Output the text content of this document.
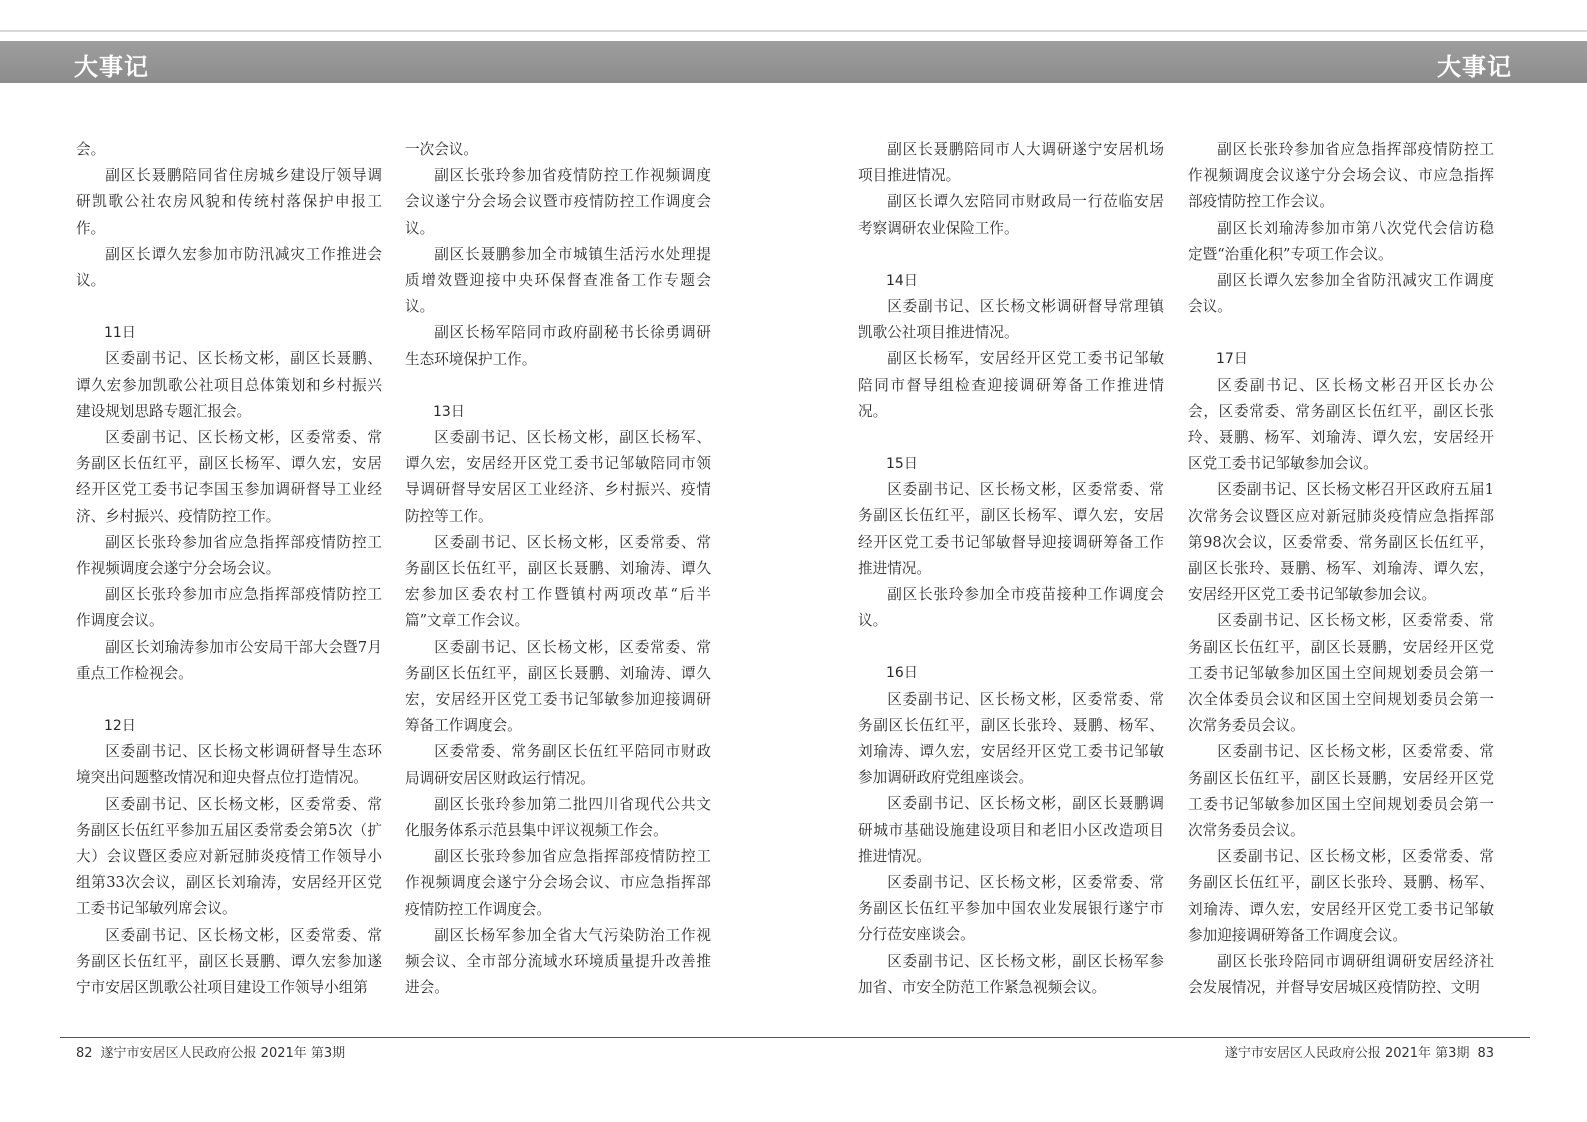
大事记	大事记

会。

副区长聂鹏陪同省住房城乡建设厅领导调研凯歌公社农房风貌和传统村落保护申报工作。

副区长谭久宏参加市防汛减灾工作推进会议。

11日

区委副书记、区长杨文彬，副区长聂鹏、谭久宏参加凯歌公社项目总体策划和乡村振兴建设规划思路专题汇报会。

区委副书记、区长杨文彬，区委常委、常务副区长伍红平，副区长杨军、谭久宏，安居经开区党工委书记李国玉参加调研督导工业经济、乡村振兴、疫情防控工作。

副区长张玲参加省应急指挥部疫情防控工作视频调度会遂宁分会场会议。

副区长张玲参加市应急指挥部疫情防控工作调度会议。

副区长刘瑜涛参加市公安局干部大会暨7月重点工作检视会。

12日

区委副书记、区长杨文彬调研督导生态环境突出问题整改情况和迎央督点位打造情况。

区委副书记、区长杨文彬，区委常委、常务副区长伍红平参加五届区委常委会第5次（扩大）会议暨区委应对新冠肺炎疫情工作领导小组第33次会议，副区长刘瑜涛，安居经开区党工委书记邹敏列席会议。

区委副书记、区长杨文彬，区委常委、常务副区长伍红平，副区长聂鹏、谭久宏参加遂宁市安居区凯歌公社项目建设工作领导小组第

一次会议。

副区长张玲参加省疫情防控工作视频调度会议遂宁分会场会议暨市疫情防控工作调度会议。

副区长聂鹏参加全市城镇生活污水处理提质增效暨迎接中央环保督查准备工作专题会议。

副区长杨军陪同市政府副秘书长徐勇调研生态环境保护工作。

13日

区委副书记、区长杨文彬，副区长杨军、谭久宏，安居经开区党工委书记邹敏陪同市领导调研督导安居区工业经济、乡村振兴、疫情防控等工作。

区委副书记、区长杨文彬，区委常委、常务副区长伍红平，副区长聂鹏、刘瑜涛、谭久宏参加区委农村工作暨镇村两项改革“后半篇”文章工作会议。

区委副书记、区长杨文彬，区委常委、常务副区长伍红平，副区长聂鹏、刘瑜涛、谭久宏，安居经开区党工委书记邹敏参加迎接调研筹备工作调度会。

区委常委、常务副区长伍红平陪同市财政局调研安居区财政运行情况。

副区长张玲参加第二批四川省现代公共文化服务体系示范县集中评议视频工作会。

副区长张玲参加省应急指挥部疫情防控工作视频调度会遂宁分会场会议、市应急指挥部疫情防控工作调度会。

副区长杨军参加全省大气污染防治工作视频会议、全市部分流域水环境质量提升改善推进会。

副区长聂鹏陪同市人大调研遂宁安居机场项目推进情况。

副区长谭久宏陪同市财政局一行莅临安居考察调研农业保险工作。

14日

区委副书记、区长杨文彬调研督导常理镇凯歌公社项目推进情况。

副区长杨军，安居经开区党工委书记邹敏陪同市督导组检查迎接调研筹备工作推进情况。

15日

区委副书记、区长杨文彬，区委常委、常务副区长伍红平，副区长杨军、谭久宏，安居经开区党工委书记邹敏督导迎接调研筹备工作推进情况。

副区长张玲参加全市疫苗接种工作调度会议。

16日

区委副书记、区长杨文彬，区委常委、常务副区长伍红平，副区长张玲、聂鹏、杨军、刘瑜涛、谭久宏，安居经开区党工委书记邹敏参加调研政府党组座谈会。

区委副书记、区长杨文彬，副区长聂鹏调研城市基础设施建设项目和老旧小区改造项目推进情况。

区委副书记、区长杨文彬，区委常委、常务副区长伍红平参加中国农业发展银行遂宁市分行莅安座谈会。

区委副书记、区长杨文彬，副区长杨军参加省、市安全防范工作紧急视频会议。

副区长张玲参加省应急指挥部疫情防控工作视频调度会议遂宁分会场会议、市应急指挥部疫情防控工作会议。

副区长刘瑜涛参加市第八次党代会信访稳定暨“治重化积”专项工作会议。

副区长谭久宏参加全省防汛减灾工作调度会议。

17日

区委副书记、区长杨文彬召开区长办公会，区委常委、常务副区长伍红平，副区长张玲、聂鹏、杨军、刘瑜涛、谭久宏，安居经开区党工委书记邹敏参加会议。

区委副书记、区长杨文彬召开区政府五届1次常务会议暨区应对新冠肺炎疫情应急指挥部第98次会议，区委常委、常务副区长伍红平，副区长张玲、聂鹏、杨军、刘瑜涛、谭久宏，安居经开区党工委书记邹敏参加会议。

区委副书记、区长杨文彬，区委常委、常务副区长伍红平，副区长聂鹏，安居经开区党工委书记邹敏参加区国土空间规划委员会第一次全体委员会议和区国土空间规划委员会第一次常务委员会议。

区委副书记、区长杨文彬，区委常委、常务副区长伍红平，副区长聂鹏，安居经开区党工委书记邹敏参加区国土空间规划委员会第一次常务委员会议。

区委副书记、区长杨文彬，区委常委、常务副区长伍红平，副区长张玲、聂鹏、杨军、刘瑜涛、谭久宏，安居经开区党工委书记邹敏参加迎接调研筹备工作调度会议。

副区长张玲陪同市调研组调研安居经济社会发展情况，并督导安居城区疫情防控、文明

82 遂宁市安居区人民政府公报 2021年 第3期	遂宁市安居区人民政府公报 2021年 第3期 83
